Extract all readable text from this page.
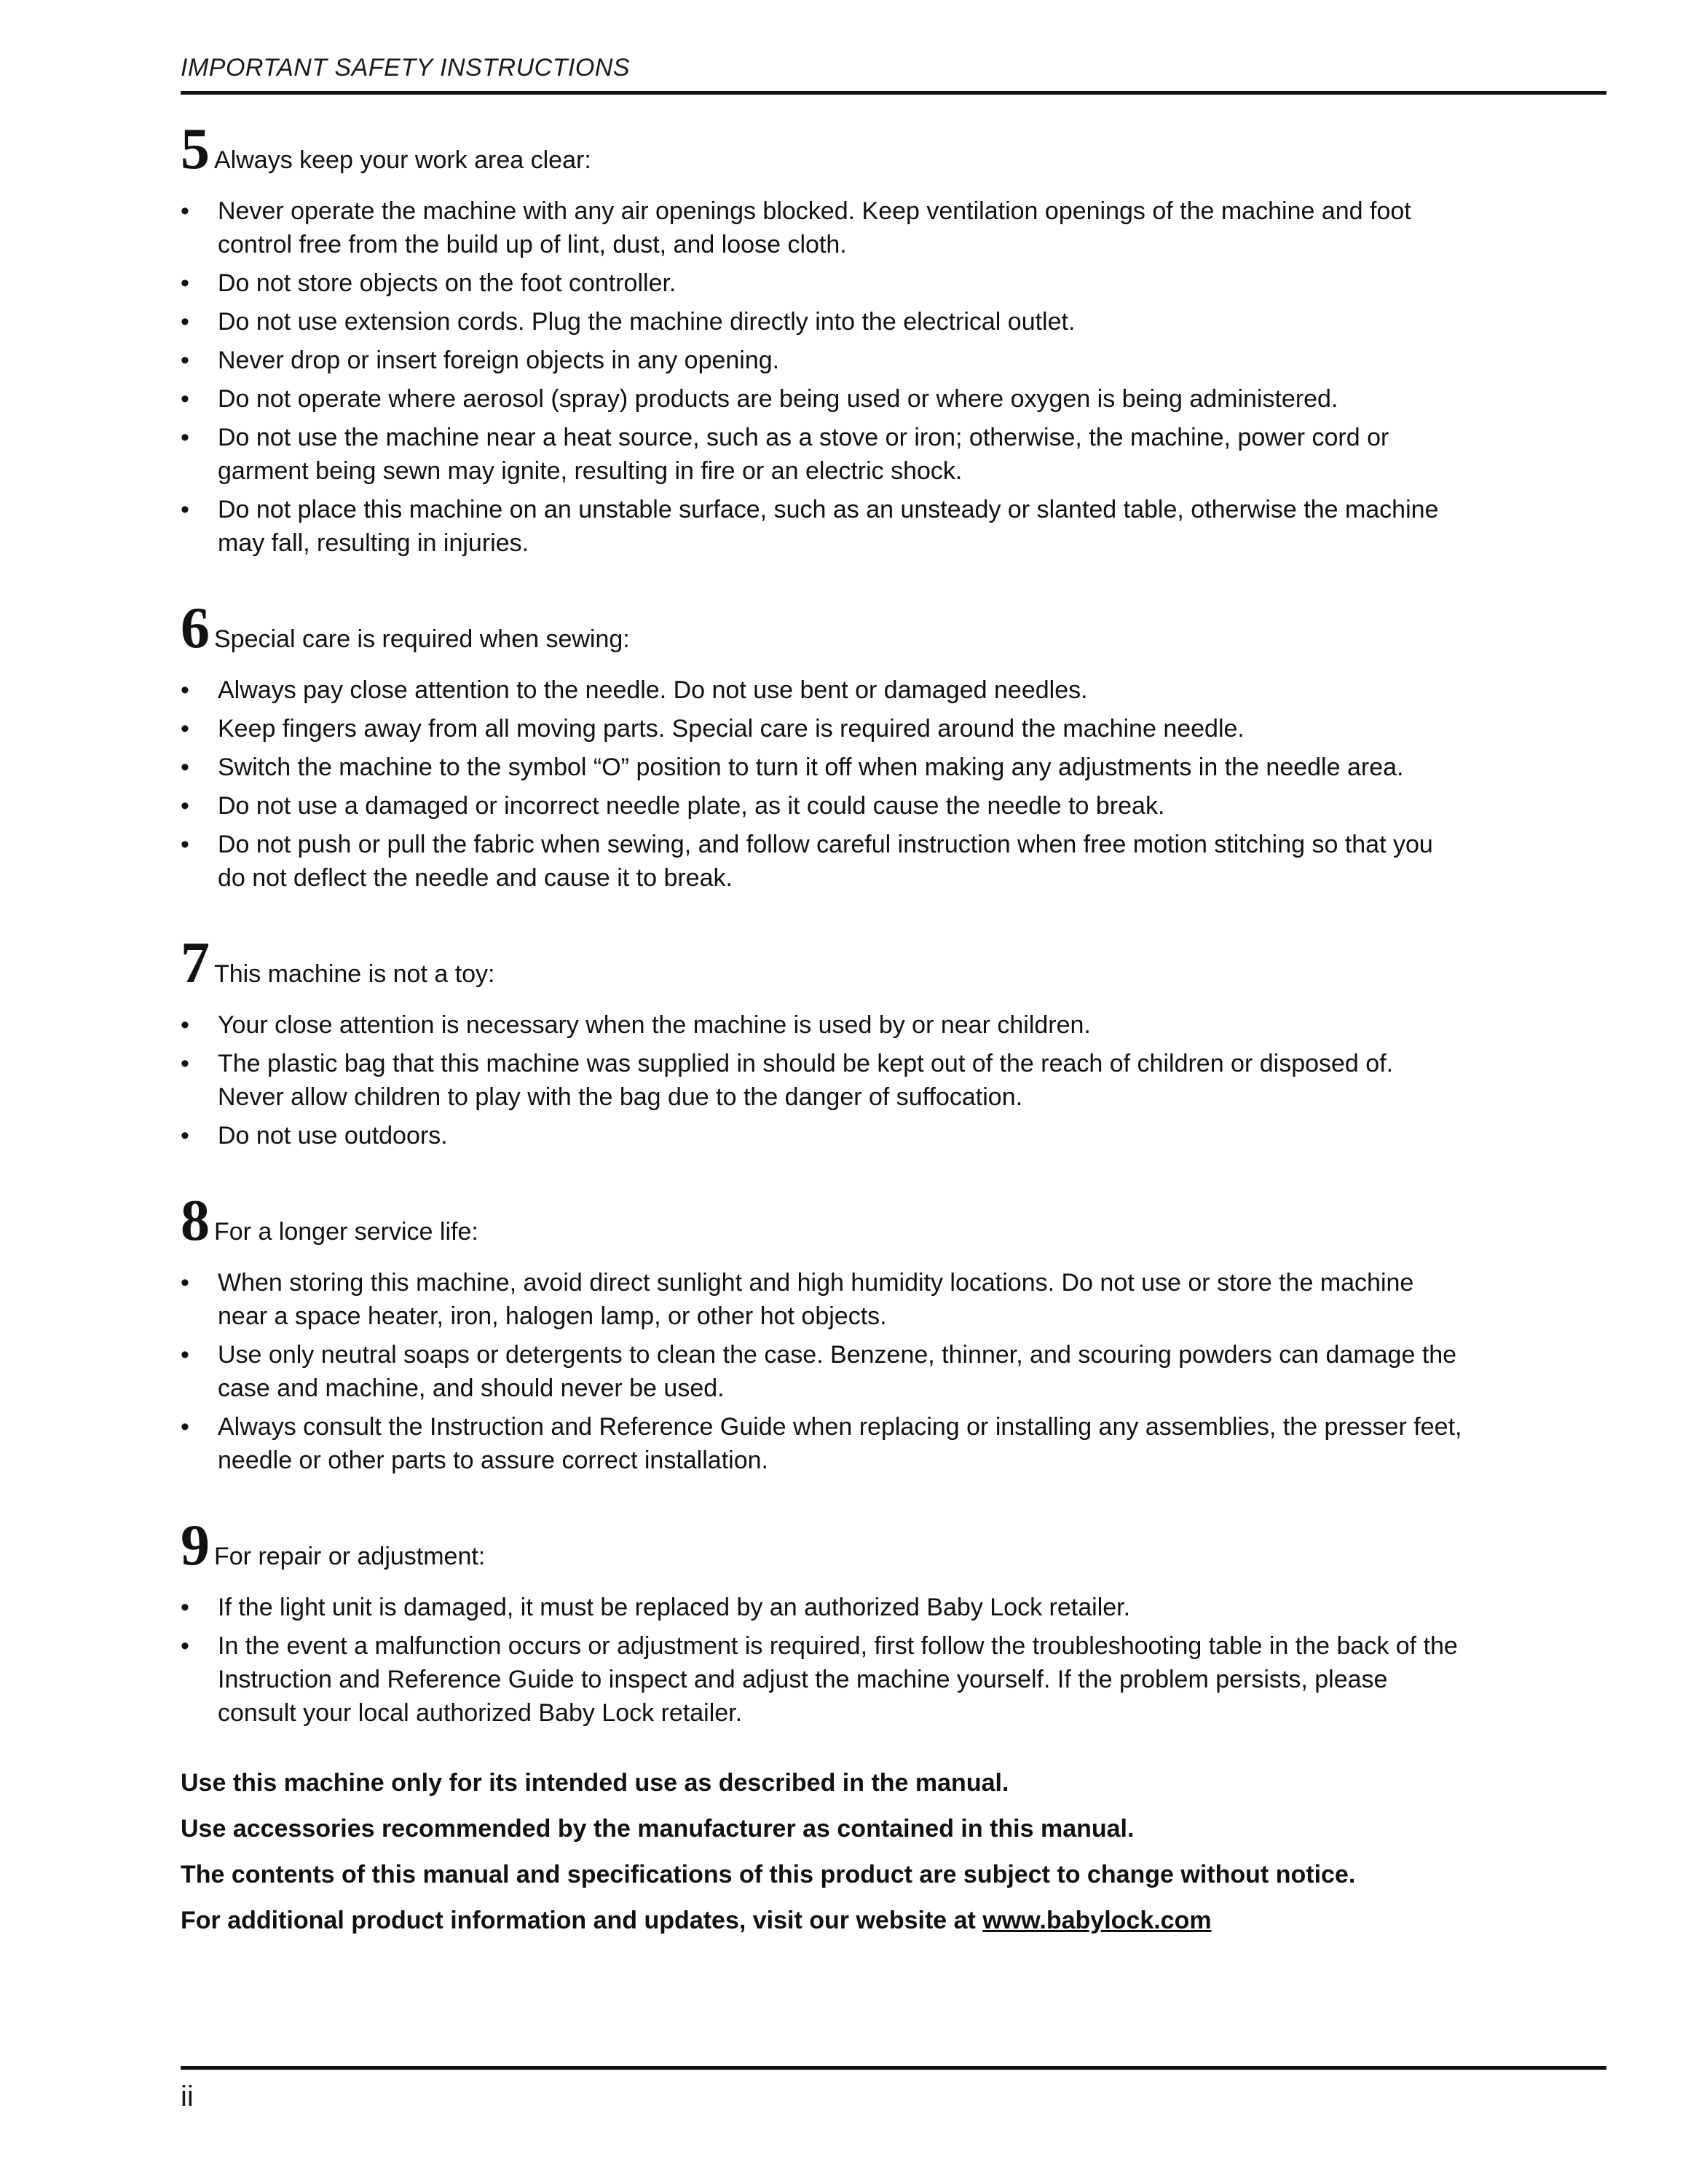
IMPORTANT SAFETY INSTRUCTIONS
5 Always keep your work area clear:
• Never operate the machine with any air openings blocked. Keep ventilation openings of the machine and foot control free from the build up of lint, dust, and loose cloth.
• Do not store objects on the foot controller.
• Do not use extension cords. Plug the machine directly into the electrical outlet.
• Never drop or insert foreign objects in any opening.
• Do not operate where aerosol (spray) products are being used or where oxygen is being administered.
• Do not use the machine near a heat source, such as a stove or iron; otherwise, the machine, power cord or garment being sewn may ignite, resulting in fire or an electric shock.
• Do not place this machine on an unstable surface, such as an unsteady or slanted table, otherwise the machine may fall, resulting in injuries.
6 Special care is required when sewing:
• Always pay close attention to the needle. Do not use bent or damaged needles.
• Keep fingers away from all moving parts. Special care is required around the machine needle.
• Switch the machine to the symbol “O” position to turn it off when making any adjustments in the needle area.
• Do not use a damaged or incorrect needle plate, as it could cause the needle to break.
• Do not push or pull the fabric when sewing, and follow careful instruction when free motion stitching so that you do not deflect the needle and cause it to break.
7 This machine is not a toy:
• Your close attention is necessary when the machine is used by or near children.
• The plastic bag that this machine was supplied in should be kept out of the reach of children or disposed of. Never allow children to play with the bag due to the danger of suffocation.
• Do not use outdoors.
8 For a longer service life:
• When storing this machine, avoid direct sunlight and high humidity locations. Do not use or store the machine near a space heater, iron, halogen lamp, or other hot objects.
• Use only neutral soaps or detergents to clean the case. Benzene, thinner, and scouring powders can damage the case and machine, and should never be used.
• Always consult the Instruction and Reference Guide when replacing or installing any assemblies, the presser feet, needle or other parts to assure correct installation.
9 For repair or adjustment:
• If the light unit is damaged, it must be replaced by an authorized Baby Lock retailer.
• In the event a malfunction occurs or adjustment is required, first follow the troubleshooting table in the back of the Instruction and Reference Guide to inspect and adjust the machine yourself. If the problem persists, please consult your local authorized Baby Lock retailer.
Use this machine only for its intended use as described in the manual.
Use accessories recommended by the manufacturer as contained in this manual.
The contents of this manual and specifications of this product are subject to change without notice.
For additional product information and updates, visit our website at www.babylock.com
ii
